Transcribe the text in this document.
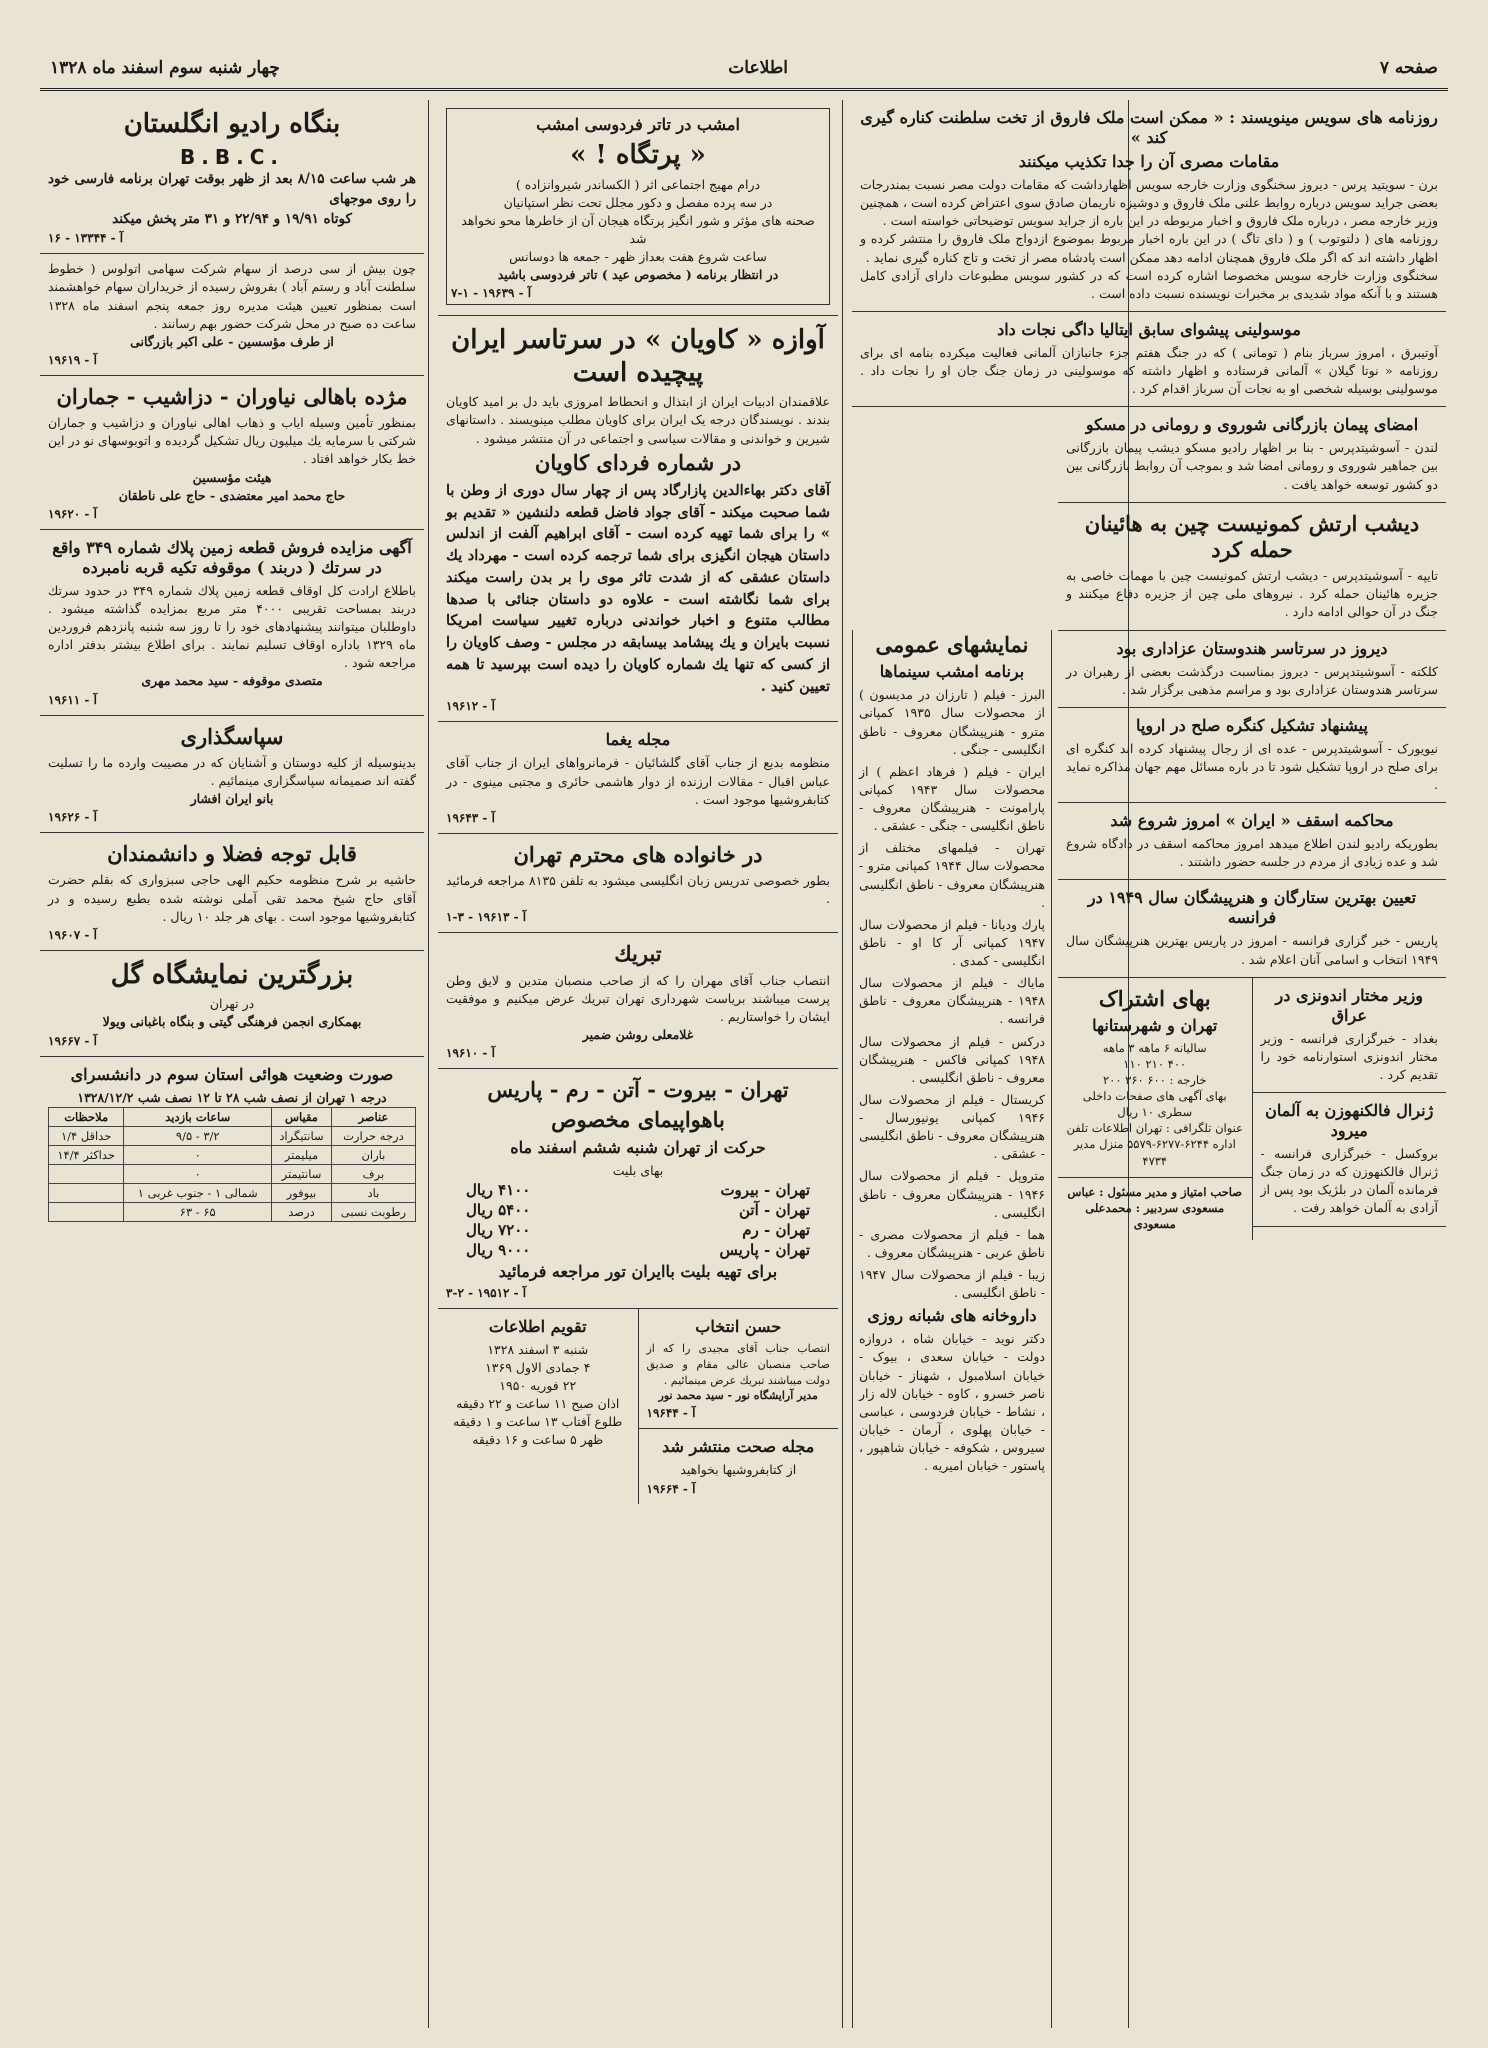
صفحه ۷
اطلاعات
چهار شنبه سوم اسفند ماه ۱۳۲۸
روزنامه های سویس مینویسند : « ممکن است ملک فاروق از تخت سلطنت کناره گیری کند »
مقامات مصری آن را جدا تکذیب میکنند
برن - سویتید پرس - دیروز سخنگوی وزارت خارجه سویس اظهارداشت که مقامات دولت مصر نسبت بمندرجات بعضی جراید سویس درباره روابط علنی ملک فاروق و دوشیزه ناریمان صادق سوی اعتراض کرده است ، همچنین وزیر خارجه مصر ، درباره ملک فاروق و اخبار مربوطه در این باره از جراید سویس توضیحاتی خواسته است .
روزنامه های ( دلتوتوب ) و ( دای تاگ ) در این باره اخبار مربوط بموضوع ازدواج ملک فاروق را منتشر کرده و اظهار داشته اند که اگر ملک فاروق همچنان ادامه دهد ممکن است پادشاه مصر از تخت و تاج کناره گیری نماید .
سخنگوی وزارت خارجه سویس مخصوصا اشاره کرده است که در کشور سویس مطبوعات دارای آزادی کامل هستند و با آنکه مواد شدیدی بر مخبرات نویسنده نسبت داده است .
موسولینی پیشوای سابق ایتالیا داگی نجات داد
آوتیبرق ، امروز سرباز بنام ( تومانی ) که در جنگ هفتم جزء جانبازان آلمانی فعالیت میکرده بنامه ای برای روزنامه « نوتا گیلان » آلمانی فرستاده و اظهار داشته که موسولینی در زمان جنگ جان او را نجات داد . موسولینی بوسیله شخصی او به نجات آن سرباز اقدام کرد .
امضای پیمان بازرگانی شوروی و رومانی در مسکو
لندن - آسوشیتدپرس - بنا بر اظهار رادیو مسکو دیشب پیمان بازرگانی بین جماهیر شوروی و رومانی امضا شد و بموجب آن روابط بازرگانی بین دو کشور توسعه خواهد یافت .
دیشب ارتش کمونیست چین به هائینان حمله کرد
تایپه - آسوشیتدپرس - دیشب ارتش کمونیست چین با مهمات خاصی به جزیره هائینان حمله کرد . نیروهای ملی چین از جزیره دفاع میکنند و جنگ در آن حوالی ادامه دارد .
دیروز در سرتاسر هندوستان عزاداری بود
کلکته - آسوشیتدپرس - دیروز بمناسبت درگذشت بعضی از رهبران در سرتاسر هندوستان عزاداری بود و مراسم مذهبی برگزار شد .
پیشنهاد تشکیل کنگره صلح در اروپا
نیویورک - آسوشیتدپرس - عده ای از رجال پیشنهاد کرده اند کنگره ای برای صلح در اروپا تشکیل شود تا در باره مسائل مهم جهان مذاکره نماید .
محاکمه اسقف « ایران » امروز شروع شد
بطوریکه رادیو لندن اطلاع میدهد امروز محاکمه اسقف در دادگاه شروع شد و عده زیادی از مردم در جلسه حضور داشتند .
تعیین بهترین ستارگان و هنرپیشگان سال ۱۹۴۹ در فرانسه
پاریس - خبر گزاری فرانسه - امروز در پاریس بهترین هنرپیشگان سال ۱۹۴۹ انتخاب و اسامی آنان اعلام شد .
وزیر مختار اندونزی در عراق
بغداد - خبرگزاری فرانسه - وزیر مختار اندونزی استوارنامه خود را تقدیم کرد .
ژنرال فالکنهوزن به آلمان میرود
بروکسل - خبرگزاری فرانسه - ژنرال فالکنهوزن که در زمان جنگ فرمانده آلمان در بلژیک بود پس از آزادی به آلمان خواهد رفت .
بهای اشتراک
تهران و شهرستانها
ساليانه ۶ ماهه ۳ ماهه
۴۰۰ ۲۱۰ ۱۱۰
خارجه : ۶۰۰ ۳۶۰ ۲۰۰
بهای آگهی های صفحات داخلی سطری ۱۰ ریال
عنوان تلگرافی : تهران اطلاعات تلفن اداره ۶۲۴۴-۶۲۷۷-۵۵۷۹ منزل مدیر ۴۷۳۴
صاحب امتیاز و مدیر مسئول : عباس مسعودی سردبیر : محمدعلی مسعودی
امشب در تاتر فردوسی امشب
« پرتگاه ! »
درام مهیج اجتماعی اثر ( الکساندر شیروانزاده )
در سه پرده مفصل و دکور مجلل تحت نظر استپانیان
صحنه های مؤثر و شور انگیز پرتگاه هیجان آن از خاطرها محو نخواهد شد
ساعت شروع هفت بعداز ظهر - جمعه ها دوسانس
در انتظار برنامه ( مخصوص عید ) تاتر فردوسی باشید
آ - ۱۹۶۳۹ - ۱-۷
آوازه « کاویان » در سرتاسر ایران پیچیده است
علاقمندان ادبیات ایران از ابتذال و انحطاط امروزی باید دل بر امید کاویان بندند . نویسندگان درجه یک ایران برای کاویان مطلب مینویسند . داستانهای شیرین و خواندنی و مقالات سیاسی و اجتماعی در آن منتشر میشود .
در شماره فردای کاویان
آقای دکتر بهاءالدین پازارگاد پس از چهار سال دوری از وطن با شما صحبت میکند - آقای جواد فاضل قطعه دلنشین « تقدیم بو » را برای شما تهیه کرده است - آقای ابراهیم آلفت از اندلس داستان هیجان انگیزی برای شما ترجمه کرده است - مهرداد یك داستان عشقی که از شدت تاثر موی را بر بدن راست میکند برای شما نگاشته است - علاوه دو داستان جنائی با صدها مطالب متنوع و اخبار خواندنی درباره تغییر سیاست امریکا نسبت بایران و یك پیشامد بیسابقه در مجلس - وصف کاویان را از کسی که تنها یك شماره کاویان را دیده است بپرسید تا همه تعیین کنید .
آ - ۱۹۶۱۲
مجله یغما
منظومه بدیع از جناب آقای گلشائیان - فرمانرواهای ایران از جناب آقای عباس اقبال - مقالات ارزنده از دوار هاشمی حائری و مجتبی مینوی - در کتابفروشیها موجود است .
آ - ۱۹۶۴۳
در خانواده های محترم تهران
بطور خصوصی تدریس زبان انگلیسی میشود به تلفن ۸۱۳۵ مراجعه فرمائید .
آ - ۱۹۶۱۳ - ۳-۱
تبریك
انتصاب جناب آقای مهران را که از صاحب منصبان متدین و لایق وطن پرست میباشند بریاست شهرداری تهران تبریك عرض میکنیم و موفقیت ایشان را خواستاریم .
غلامعلی روشن ضمیر
آ - ۱۹۶۱۰
تهران - بیروت - آتن - رم - پاریس
باهواپیمای مخصوص
حرکت از تهران شنبه ششم اسفند ماه
بهای بلیت
تهران - بیروت
۴۱۰۰ ریال
تهران - آتن
۵۴۰۰ ریال
تهران - رم
۷۲۰۰ ریال
تهران - پاریس
۹۰۰۰ ریال
برای تهیه بلیت باایران تور مراجعه فرمائید
آ - ۱۹۵۱۲ - ۲-۳
حسن انتخاب
انتصاب جناب آقای مجیدی را که از صاحب منصبان عالی مقام و صدیق دولت میباشند تبریك عرض مینمائیم .
مدیر آرایشگاه نور - سید محمد نور
آ - ۱۹۶۴۴
مجله صحت منتشر شد
از کتابفروشیها بخواهید
آ - ۱۹۶۶۴
تقویم اطلاعات
شنبه ۳ اسفند ۱۳۲۸
۴ جمادی الاول ۱۳۶۹
۲۲ فوریه ۱۹۵۰
اذان صبح ۱۱ ساعت و ۲۲ دقیقه
طلوع آفتاب ۱۳ ساعت و ۱ دقیقه
ظهر ۵ ساعت و ۱۶ دقیقه
بنگاه رادیو انگلستان
B.B.C.
هر شب ساعت ۸/۱۵ بعد از ظهر بوقت تهران برنامه فارسی خود را روی موجهای
کوتاه ۱۹/۹۱ و ۲۲/۹۴ و ۳۱ متر پخش میکند
آ - ۱۳۳۴۴ - ۱۶
چون بیش از سی درصد از سهام شرکت سهامی اتولوس ( خطوط سلطنت آباد و رستم آباد ) بفروش رسیده از خریداران سهام خواهشمند است بمنظور تعیین هیئت مدیره روز جمعه پنجم اسفند ماه ۱۳۲۸ ساعت ده صبح در محل شرکت حضور بهم رسانند .
از طرف مؤسسین - علی اکبر بازرگانی
آ - ۱۹۶۱۹
مژده باهالی نیاوران - دزاشیب - جماران
بمنظور تأمین وسیله ایاب و ذهاب اهالی نیاوران و دزاشیب و جماران شرکتی با سرمایه یك میلیون ریال تشکیل گردیده و اتوبوسهای نو در این خط بکار خواهد افتاد .
هیئت مؤسسین
حاج محمد امیر معتضدی - حاج علی ناطقان
آ - ۱۹۶۲۰
آگهی مزایده فروش قطعه زمین پلاك شماره ۳۴۹ واقع در سرتك ( دربند ) موقوفه تکیه قربه نامبرده
باطلاع ارادت کل اوقاف قطعه زمین پلاك شماره ۳۴۹ در حدود سرتك دربند بمساحت تقریبی ۴۰۰۰ متر مربع بمزایده گذاشته میشود . داوطلبان میتوانند پیشنهادهای خود را تا روز سه شنبه پانزدهم فروردین ماه ۱۳۲۹ باداره اوقاف تسلیم نمایند . برای اطلاع بیشتر بدفتر اداره مراجعه شود .
متصدی موقوفه - سید محمد مهری
آ - ۱۹۶۱۱
سپاسگذاری
بدینوسیله از کلیه دوستان و آشنایان که در مصیبت وارده ما را تسلیت گفته اند صمیمانه سپاسگزاری مینمائیم .
بانو ایران افشار
آ - ۱۹۶۲۶
قابل توجه فضلا و دانشمندان
حاشیه بر شرح منظومه حکیم الهی حاجی سبزواری که بقلم حضرت آقای حاج شیخ محمد تقی آملی نوشته شده بطبع رسیده و در کتابفروشیها موجود است . بهای هر جلد ۱۰ ریال .
آ - ۱۹۶۰۷
بزرگترین نمایشگاه گل
در تهران
بهمکاری انجمن فرهنگی گیتی و بنگاه باغبانی ویولا
آ - ۱۹۶۶۷
صورت وضعیت هوائی استان سوم در دانشسرای
درجه ۱ تهران از نصف شب ۲۸ تا ۱۲ نصف شب ۱۳۲۸/۱۲/۲
عناصر	مقیاس	ساعات بازدید	ملاحظات
درجه حرارت	سانتیگراد	۳/۲ - ۹/۵	حداقل ۱/۴
باران	میلیمتر	۰	حداکثر ۱۴/۴
برف	سانتیمتر	۰	
باد	بیوفور	شمالی ۱ - جنوب غربی ۱	
رطوبت نسبی	درصد	۶۵ - ۶۳	
نمایشهای عمومی
برنامه امشب سینماها
البرز - فیلم ( تارزان در مدیسون ) از محصولات سال ۱۹۳۵ کمپانی مترو - هنرپیشگان معروف - ناطق انگلیسی - جنگی .
ایران - فیلم ( فرهاد اعظم ) از محصولات سال ۱۹۴۳ کمپانی پارامونت - هنرپیشگان معروف - ناطق انگلیسی - جنگی - عشقی .
تهران - فیلمهای مختلف از محصولات سال ۱۹۴۴ کمپانی مترو - هنرپیشگان معروف - ناطق انگلیسی .
پارك ودیانا - فیلم از محصولات سال ۱۹۴۷ کمپانی آر کا او - ناطق انگلیسی - کمدی .
مایاك - فیلم از محصولات سال ۱۹۴۸ - هنرپیشگان معروف - ناطق فرانسه .
درکس - فیلم از محصولات سال ۱۹۴۸ کمپانی فاکس - هنرپیشگان معروف - ناطق انگلیسی .
کریستال - فیلم از محصولات سال ۱۹۴۶ کمپانی یونیورسال - هنرپیشگان معروف - ناطق انگلیسی - عشقی .
متروپل - فیلم از محصولات سال ۱۹۴۶ - هنرپیشگان معروف - ناطق انگلیسی .
هما - فیلم از محصولات مصری - ناطق عربی - هنرپیشگان معروف .
زیبا - فیلم از محصولات سال ۱۹۴۷ - ناطق انگلیسی .
داروخانه های شبانه روزی
دکتر نوید - خیابان شاه ، دروازه دولت - خیابان سعدی ، بیوک - خیابان اسلامبول ، شهناز - خیابان ناصر خسرو ، کاوه - خیابان لاله زار ، نشاط - خیابان فردوسی ، عباسی - خیابان پهلوی ، آرمان - خیابان سیروس ، شکوفه - خیابان شاهپور ، پاستور - خیابان امیریه .
